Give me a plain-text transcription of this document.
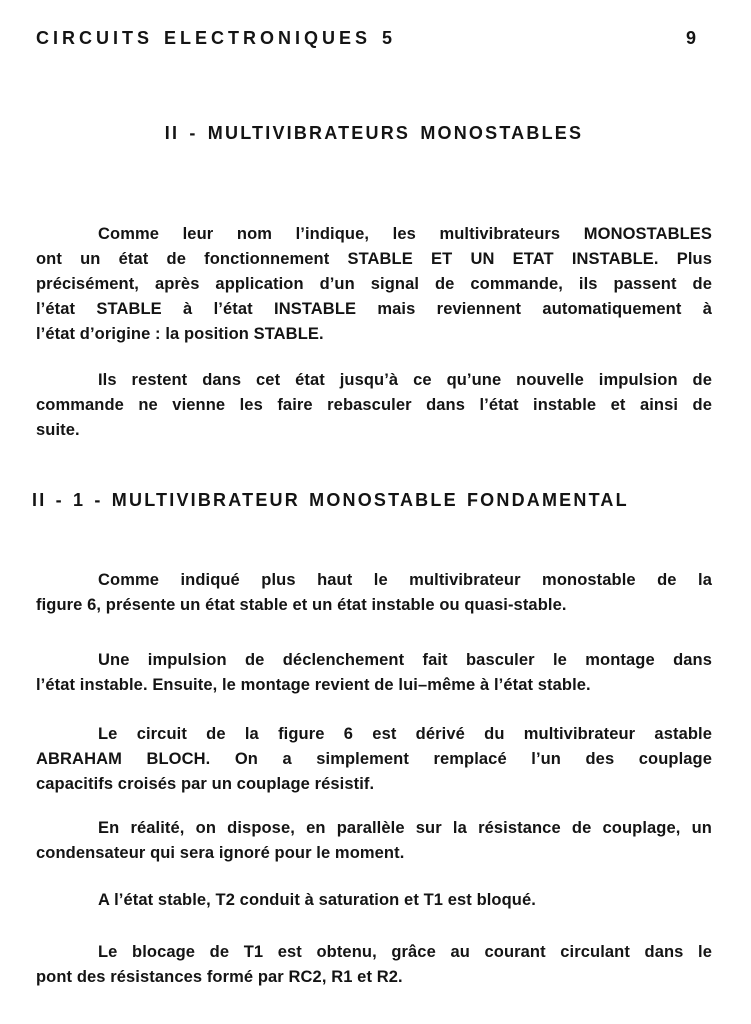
CIRCUITS ELECTRONIQUES 5	9
II - MULTIVIBRATEURS MONOSTABLES
II - 1 - MULTIVIBRATEUR MONOSTABLE FONDAMENTAL
Comme leur nom l’indique, les multivibrateurs MONOSTABLES
ont un état de fonctionnement STABLE ET UN ETAT INSTABLE. Plus
précisément, après application d’un signal de commande, ils passent de
l’état STABLE à l’état INSTABLE mais reviennent automatiquement à
l’état d’origine : la position STABLE.
Ils restent dans cet état jusqu’à ce qu’une nouvelle impulsion de
commande ne vienne les faire rebasculer dans l’état instable et ainsi de
suite.
Comme indiqué plus haut le multivibrateur monostable de la
figure 6, présente un état stable et un état instable ou quasi-stable.
Une impulsion de déclenchement fait basculer le montage dans
l’état instable. Ensuite, le montage revient de lui–même à l’état stable.
Le circuit de la figure 6 est dérivé du multivibrateur astable
ABRAHAM BLOCH. On a simplement remplacé l’un des couplage
capacitifs croisés par un couplage résistif.
En réalité, on dispose, en parallèle sur la résistance de couplage, un
condensateur qui sera ignoré pour le moment.
A l’état stable, T2 conduit à saturation et T1 est bloqué.
Le blocage de T1 est obtenu, grâce au courant circulant dans le
pont des résistances formé par RC2, R1 et R2.
